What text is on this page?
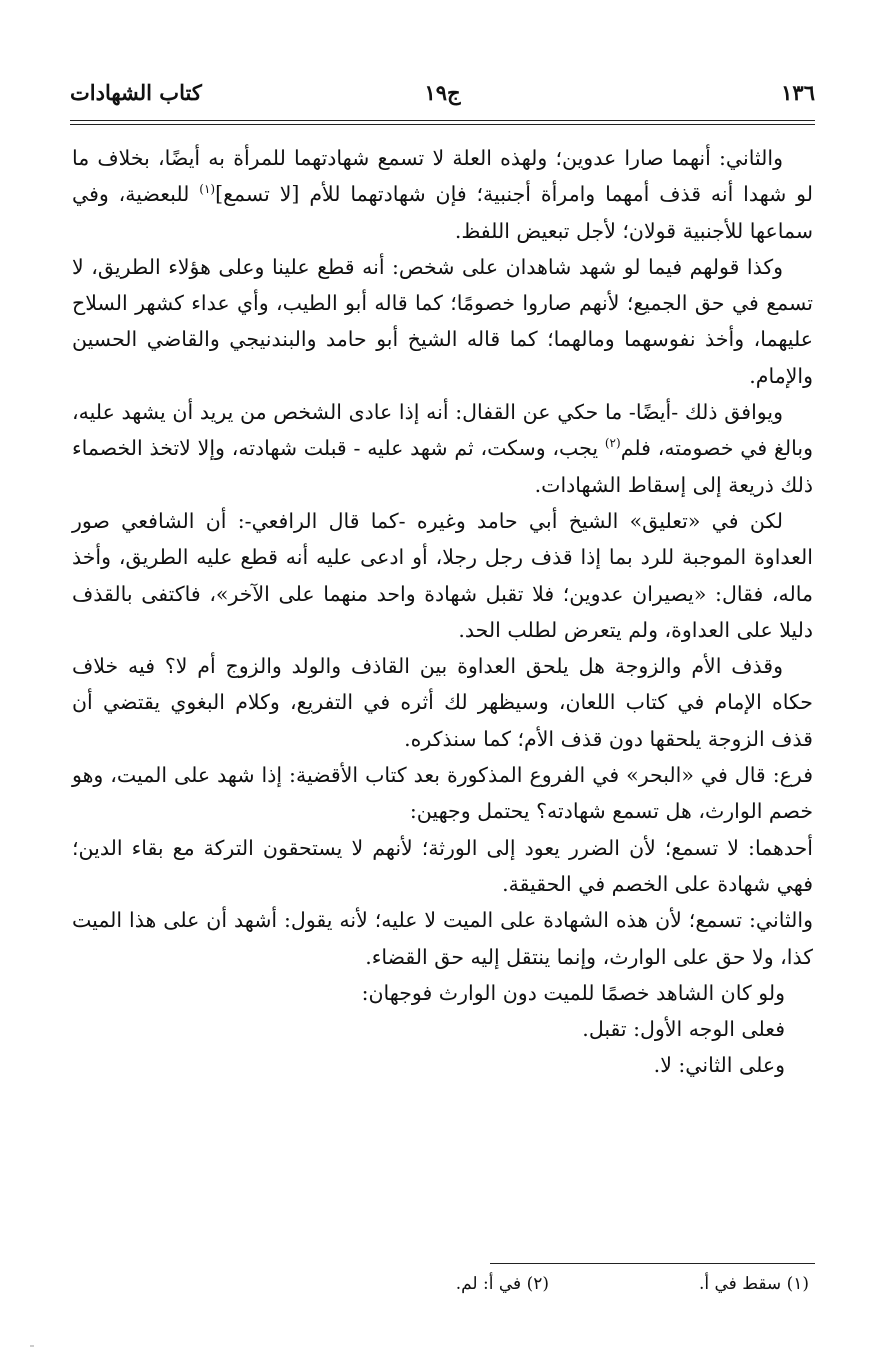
١٣٦
ج١٩
كتاب الشهادات

والثاني: أنهما صارا عدوين؛ ولهذه العلة لا تسمع شهادتهما للمرأة به أيضًا، بخلاف ما لو شهدا أنه قذف أمهما وامرأة أجنبية؛ فإن شهادتهما للأم [لا تسمع]$^{(١)}$ للبعضية، وفي سماعها للأجنبية قولان؛ لأجل تبعيض اللفظ.

وكذا قولهم فيما لو شهد شاهدان على شخص: أنه قطع علينا وعلى هؤلاء الطريق، لا تسمع في حق الجميع؛ لأنهم صاروا خصومًا؛ كما قاله أبو الطيب، وأي عداء كشهر السلاح عليهما، وأخذ نفوسهما ومالهما؛ كما قاله الشيخ أبو حامد والبندنيجي والقاضي الحسين والإمام.

ويوافق ذلك -أيضًا- ما حكي عن القفال: أنه إذا عادى الشخص من يريد أن يشهد عليه، وبالغ في خصومته، فلم$^{(٢)}$ يجب، وسكت، ثم شهد عليه - قبلت شهادته، وإلا لاتخذ الخصماء ذلك ذريعة إلى إسقاط الشهادات.

لكن في «تعليق» الشيخ أبي حامد وغيره -كما قال الرافعي-: أن الشافعي صور العداوة الموجبة للرد بما إذا قذف رجل رجلا، أو ادعى عليه أنه قطع عليه الطريق، وأخذ ماله، فقال: «يصيران عدوين؛ فلا تقبل شهادة واحد منهما على الآخر»، فاكتفى بالقذف دليلا على العداوة، ولم يتعرض لطلب الحد.

وقذف الأم والزوجة هل يلحق العداوة بين القاذف والولد والزوج أم لا؟ فيه خلاف حكاه الإمام في كتاب اللعان، وسيظهر لك أثره في التفريع، وكلام البغوي يقتضي أن قذف الزوجة يلحقها دون قذف الأم؛ كما سنذكره.

فرع: قال في «البحر» في الفروع المذكورة بعد كتاب الأقضية: إذا شهد على الميت، وهو خصم الوارث، هل تسمع شهادته؟ يحتمل وجهين:

أحدهما: لا تسمع؛ لأن الضرر يعود إلى الورثة؛ لأنهم لا يستحقون التركة مع بقاء الدين؛ فهي شهادة على الخصم في الحقيقة.

والثاني: تسمع؛ لأن هذه الشهادة على الميت لا عليه؛ لأنه يقول: أشهد أن على هذا الميت كذا، ولا حق على الوارث، وإنما ينتقل إليه حق القضاء.

ولو كان الشاهد خصمًا للميت دون الوارث فوجهان:

فعلى الوجه الأول: تقبل.

وعلى الثاني: لا.

(١) سقط في أ.
(٢) في أ: لم.
